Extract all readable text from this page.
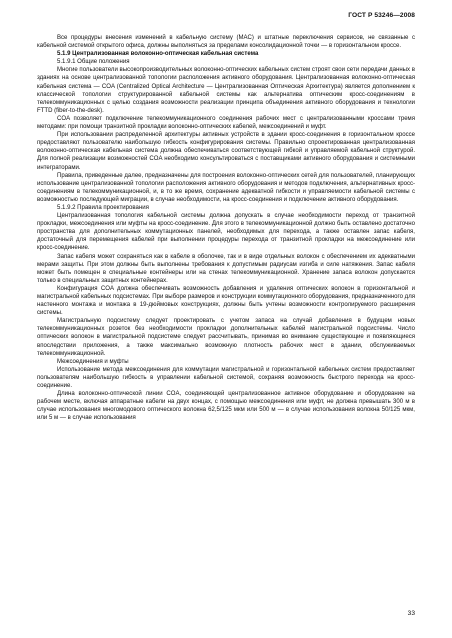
ГОСТ Р 53246—2008

Все процедуры внесения изменений в кабельную систему (MAC) и штатные переключения сервисов, не связанные с кабельной системой открытого офиса, должны выполняться за пределами консолидационной точки — в горизонтальном кроссе.

5.1.9 Централизованная волоконно-оптическая кабельная система

5.1.9.1 Общие положения

Многие пользователи высокопроизводительных волоконно-оптических кабельных систем строят свои сети передачи данных в зданиях на основе централизованной топологии расположения активного оборудования. Централизованная волоконно-оптическая кабельная система — COA (Centralized Optical Architecture — Централизованная Оптическая Архитектура) является дополнением к классической топологии структурированной кабельной системы как альтернатива оптическим кросс-соединениям в телекоммуникационных с целью создания возможности реализации принципа объединения активного оборудования и технологии FTTD (fiber-to-the-desk).

COA позволяет подключение телекоммуникационного соединения рабочих мест с централизованными кроссами тремя методами: при помощи транзитной прокладки волоконно-оптических кабелей, межсоединений и муфт.

При использовании распределенной архитектуры активных устройств в здании кросс-соединения в горизонтальном кроссе предоставляют пользователю наибольшую гибкость конфигурирования системы. Правильно спроектированная централизованная волоконно-оптическая кабельная система должна обеспечиваться соответствующей гибкой и управляемой кабельной структурой. Для полной реализации возможностей COA необходимо консультироваться с поставщиками активного оборудования и системными интеграторами.

Правила, приведенные далее, предназначены для построения волоконно-оптических сетей для пользователей, планирующих использование централизованной топологии расположения активного оборудования и методов подключения, альтернативных кросс-соединениям в телекоммуникационной, и, в то же время, сохранение адекватной гибкости и управляемости кабельной системы с возможностью последующей миграции, в случае необходимости, на кросс-соединения и подключение активного оборудования.

5.1.9.2 Правила проектирования

Централизованная топология кабельной системы должна допускать в случае необходимости переход от транзитной прокладки, межсоединения или муфты на кросс-соединение. Для этого в телекоммуникационной должно быть оставлено достаточно пространства для дополнительных коммутационных панелей, необходимых для перехода, а также оставлен запас кабеля, достаточный для перемещения кабелей при выполнении процедуры перехода от транзитной прокладки на межсоединение или кросс-соединение.

Запас кабеля может сохраняться как в кабеле в оболочке, так и в виде отдельных волокон с обеспечением их адекватными мерами защиты. При этом должны быть выполнены требования к допустимым радиусам изгиба и силе натяжения. Запас кабеля может быть помещен в специальные контейнеры или на стенах телекоммуникационной. Хранение запаса волокон допускается только в специальных защитных контейнерах.

Конфигурация COA должна обеспечивать возможность добавления и удаления оптических волокон в горизонтальной и магистральной кабельных подсистемах. При выборе размеров и конструкции коммутационного оборудования, предназначенного для настенного монтажа и монтажа в 19-дюймовых конструкциях, должны быть учтены возможности контролируемого расширения системы.

Магистральную подсистему следует проектировать с учетом запаса на случай добавления в будущем новых телекоммуникационных розеток без необходимости прокладки дополнительных кабелей магистральной подсистемы. Число оптических волокон в магистральной подсистеме следует рассчитывать, принимая во внимание существующие и появляющиеся впоследствии приложения, а также максимально возможную плотность рабочих мест в здании, обслуживаемых телекоммуникационной.

Межсоединения и муфты

Использование метода межсоединения для коммутации магистральной и горизонтальной кабельных систем предоставляет пользователям наибольшую гибкость в управлении кабельной системой, сохраняя возможность быстрого перехода на кросс-соединение.

Длина волоконно-оптической линии COA, соединяющей централизованное активное оборудование и оборудование на рабочем месте, включая аппаратные кабели на двух концах, с помощью межсоединения или муфт, не должна превышать 300 м в случае использования многомодового оптического волокна 62,5/125 мкм или 500 м — в случае использования волокна 50/125 мкм, или 5 м — в случае использования

33
